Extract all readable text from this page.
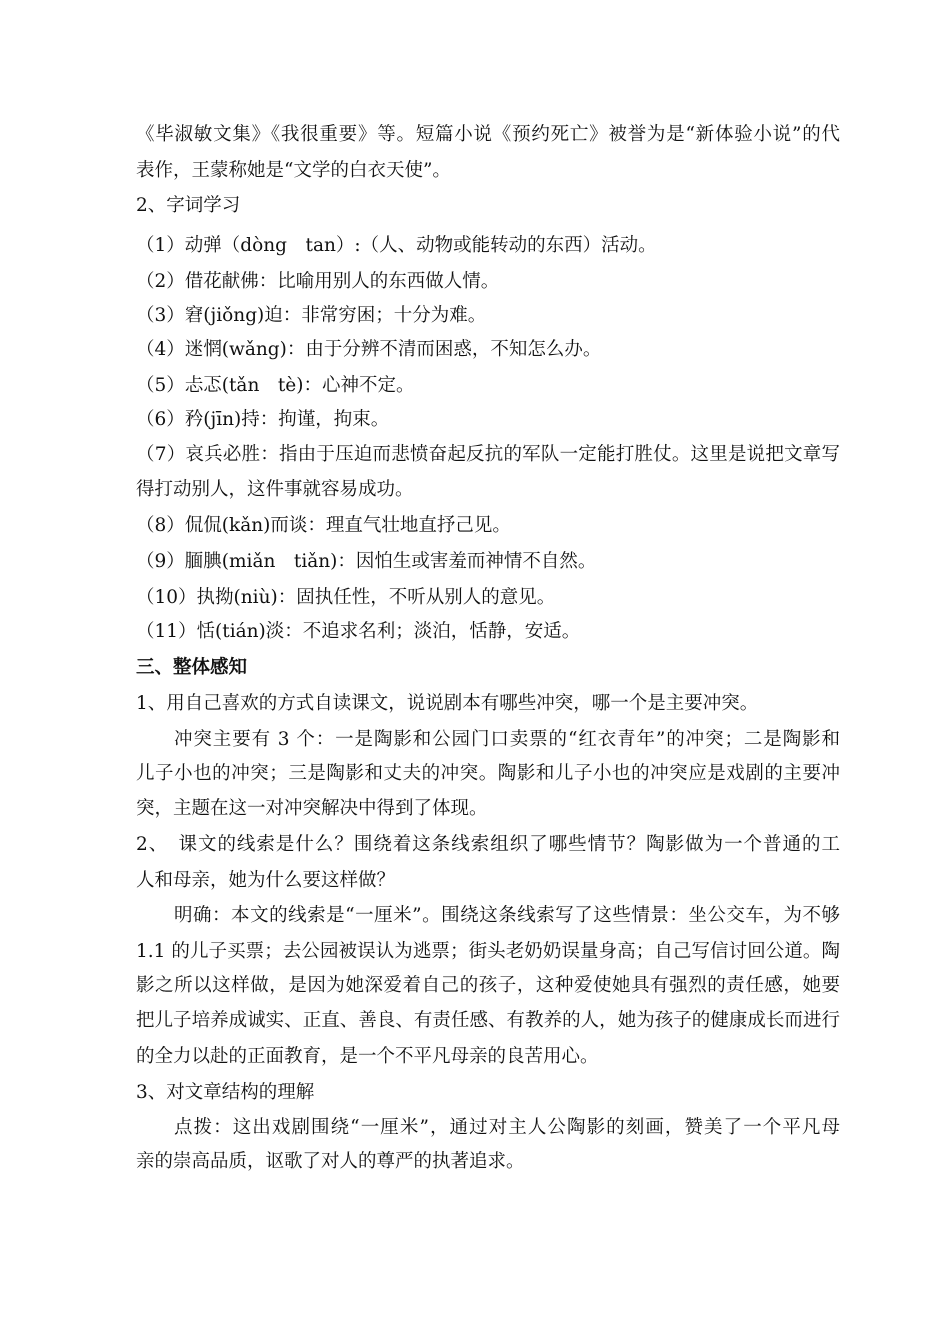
《毕淑敏文集》《我很重要》等。短篇小说《预约死亡》被誉为是“新体验小说”的代
表作，王蒙称她是“文学的白衣天使”。
2、字词学习
（1）动弹（dòng　tan）:（人、动物或能转动的东西）活动。
（2）借花献佛：比喻用别人的东西做人情。
（3）窘(jiǒng)迫：非常穷困；十分为难。
（4）迷惘(wǎng)：由于分辨不清而困惑，不知怎么办。
（5）忐忑(tǎn　tè)：心神不定。
（6）矜(jīn)持：拘谨，拘束。
（7）哀兵必胜：指由于压迫而悲愤奋起反抗的军队一定能打胜仗。这里是说把文章写
得打动别人，这件事就容易成功。
（8）侃侃(kǎn)而谈：理直气壮地直抒己见。
（9）腼腆(miǎn　tiǎn)：因怕生或害羞而神情不自然。
（10）执拗(niù)：固执任性，不听从别人的意见。
（11）恬(tián)淡：不追求名利；淡泊，恬静，安适。
三、整体感知
1、用自己喜欢的方式自读课文，说说剧本有哪些冲突，哪一个是主要冲突。
冲突主要有 3 个：一是陶影和公园门口卖票的“红衣青年”的冲突；二是陶影和
儿子小也的冲突；三是陶影和丈夫的冲突。陶影和儿子小也的冲突应是戏剧的主要冲
突，主题在这一对冲突解决中得到了体现。
2、　课文的线索是什么？围绕着这条线索组织了哪些情节？陶影做为一个普通的工
人和母亲，她为什么要这样做？
明确：本文的线索是“一厘米”。围绕这条线索写了这些情景：坐公交车，为不够
1.1 的儿子买票；去公园被误认为逃票；街头老奶奶误量身高；自己写信讨回公道。陶
影之所以这样做，是因为她深爱着自己的孩子，这种爱使她具有强烈的责任感，她要
把儿子培养成诚实、正直、善良、有责任感、有教养的人，她为孩子的健康成长而进行
的全力以赴的正面教育，是一个不平凡母亲的良苦用心。
3、对文章结构的理解
点拨：这出戏剧围绕“一厘米”，通过对主人公陶影的刻画，赞美了一个平凡母
亲的崇高品质，讴歌了对人的尊严的执著追求。
